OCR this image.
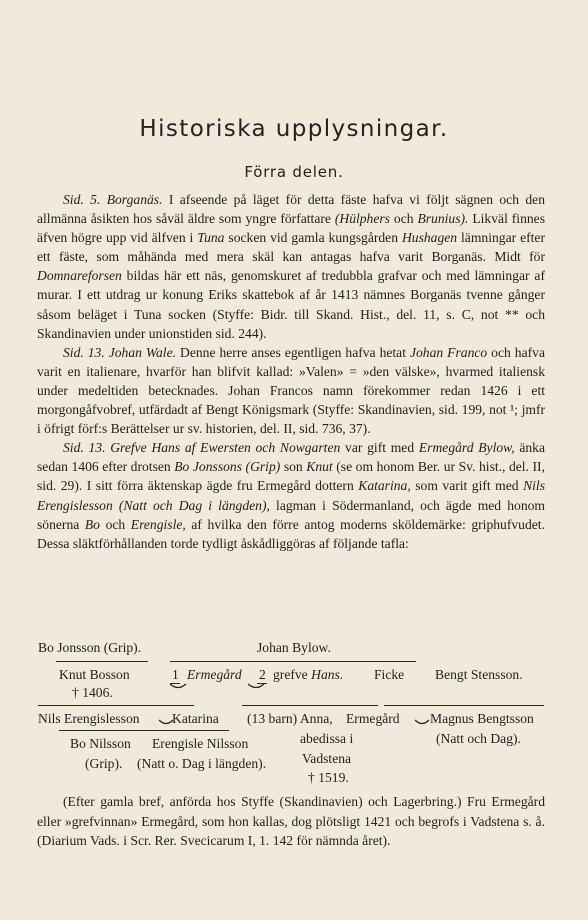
Historiska upplysningar.
Förra delen.

Sid. 5. Borganäs. I afseende på läget för detta fäste hafva vi följt sägnen och den allmänna åsikten hos såväl äldre som yngre författare (Hülphers och Brunius). Likväl finnes äfven högre upp vid älfven i Tuna socken vid gamla kungsgården Hushagen lämningar efter ett fäste, som måhända med mera skäl kan antagas hafva varit Borganäs. Midt för Domnareforsen bildas här ett näs, genomskuret af tredubbla grafvar och med lämningar af murar. I ett utdrag ur konung Eriks skattebok af år 1413 nämnes Borganäs tvenne gånger såsom beläget i Tuna socken (Styffe: Bidr. till Skand. Hist., del. 11, s. C, not ** och Skandinavien under unionstiden sid. 244).

Sid. 13. Johan Wale. Denne herre anses egentligen hafva hetat Johan Franco och hafva varit en italienare, hvarför han blifvit kallad: »Valen» = »den välske», hvarmed italiensk under medeltiden betecknades. Johan Francos namn förekommer redan 1426 i ett morgongåfvobref, utfärdadt af Bengt Königsmark (Styffe: Skandinavien, sid. 199, not ¹; jmfr i öfrigt förf:s Berättelser ur sv. historien, del. II, sid. 736, 37).

Sid. 13. Grefve Hans af Ewersten och Nowgarten var gift med Ermegård Bylow, änka sedan 1406 efter drotsen Bo Jonssons (Grip) son Knut (se om honom Ber. ur Sv. hist., del. II, sid. 29). I sitt förra äktenskap ägde fru Ermegård dottern Katarina, som varit gift med Nils Erengislesson (Natt och Dag i längden), lagman i Södermanland, och ägde med honom sönerna Bo och Erengisle, af hvilka den förre antog moderns sköldemärke: griphufvudet. Dessa släktförhållanden torde tydligt åskådliggöras af följande tafla:

Bo Jonsson (Grip).	Johan Bylow.
Knut Bosson
† 1406.
1 Ermegård 2 grefve Hans. Ficke Bengt Stensson.
Nils Erengislesson Katarina (13 barn) Anna, Ermegård Magnus Bengtsson
abedissa i	(Natt och Dag).
Bo Nilsson Erengisle Nilsson
Vadstena
(Grip). (Natt o. Dag i längden).
† 1519.

(Efter gamla bref, anförda hos Styffe (Skandinavien) och Lagerbring.) Fru Ermegård eller »grefvinnan» Ermegård, som hon kallas, dog plötsligt 1421 och begrofs i Vadstena s. å. (Diarium Vads. i Scr. Rer. Svecicarum I, 1. 142 för nämnda året).
